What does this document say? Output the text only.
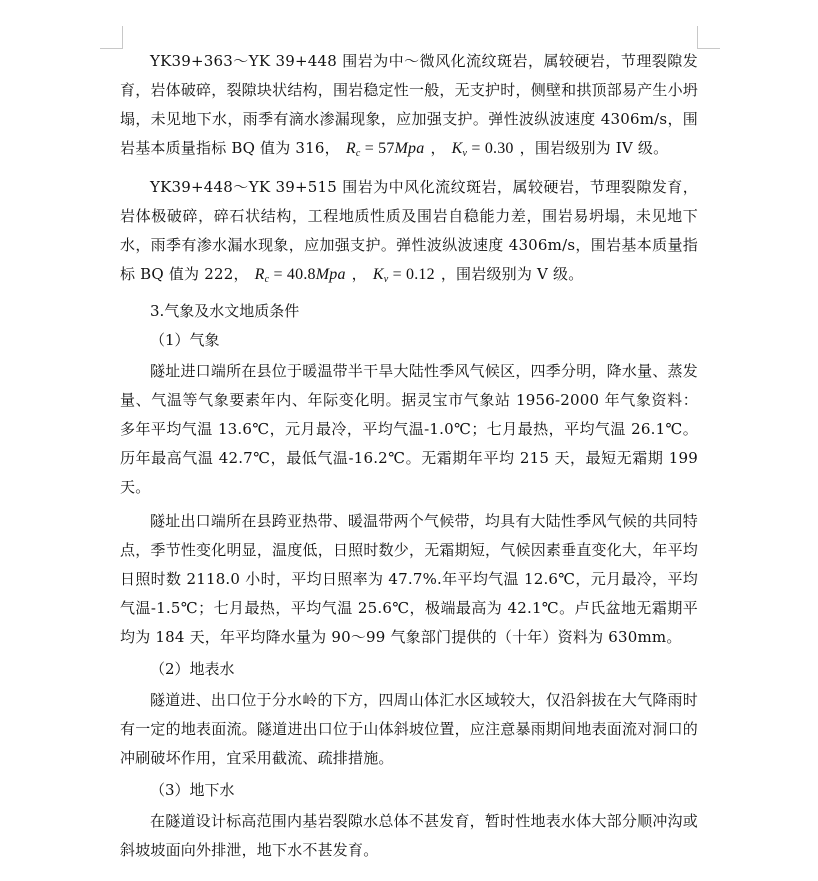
YK39+363～YK 39+448 围岩为中～微风化流纹斑岩，属较硬岩，节理裂隙发育，岩体破碎，裂隙块状结构，围岩稳定性一般，无支护时，侧壁和拱顶部易产生小坍塌，未见地下水，雨季有滴水渗漏现象，应加强支护。弹性波纵波速度 4306m/s，围岩基本质量指标 BQ 值为 316， $R_c = 57Mpa$ ， $K_v = 0.30$ ，围岩级别为 IV 级。

YK39+448～YK 39+515 围岩为中风化流纹斑岩，属较硬岩，节理裂隙发育，岩体极破碎，碎石状结构，工程地质性质及围岩自稳能力差，围岩易坍塌，未见地下水，雨季有渗水漏水现象，应加强支护。弹性波纵波速度 4306m/s，围岩基本质量指标 BQ 值为 222， $R_c = 40.8Mpa$ ， $K_v = 0.12$ ，围岩级别为 V 级。

3.气象及水文地质条件
（1）气象

隧址进口端所在县位于暖温带半干旱大陆性季风气候区，四季分明，降水量、蒸发量、气温等气象要素年内、年际变化明。据灵宝市气象站 1956-2000 年气象资料：多年平均气温 13.6℃，元月最冷，平均气温-1.0℃；七月最热，平均气温 26.1℃。历年最高气温 42.7℃，最低气温-16.2℃。无霜期年平均 215 天，最短无霜期 199 天。

隧址出口端所在县跨亚热带、暖温带两个气候带，均具有大陆性季风气候的共同特点，季节性变化明显，温度低，日照时数少，无霜期短，气候因素垂直变化大，年平均日照时数 2118.0 小时，平均日照率为 47.7%.年平均气温 12.6℃，元月最冷，平均气温-1.5℃；七月最热，平均气温 25.6℃，极端最高为 42.1℃。卢氏盆地无霜期平均为 184 天，年平均降水量为 90～99 气象部门提供的（十年）资料为 630mm。

（2）地表水

隧道进、出口位于分水岭的下方，四周山体汇水区域较大，仅沿斜拔在大气降雨时有一定的地表面流。隧道进出口位于山体斜坡位置，应注意暴雨期间地表面流对洞口的冲刷破坏作用，宜采用截流、疏排措施。

（3）地下水

在隧道设计标高范围内基岩裂隙水总体不甚发育，暂时性地表水体大部分顺冲沟或斜坡坡面向外排泄，地下水不甚发育。
